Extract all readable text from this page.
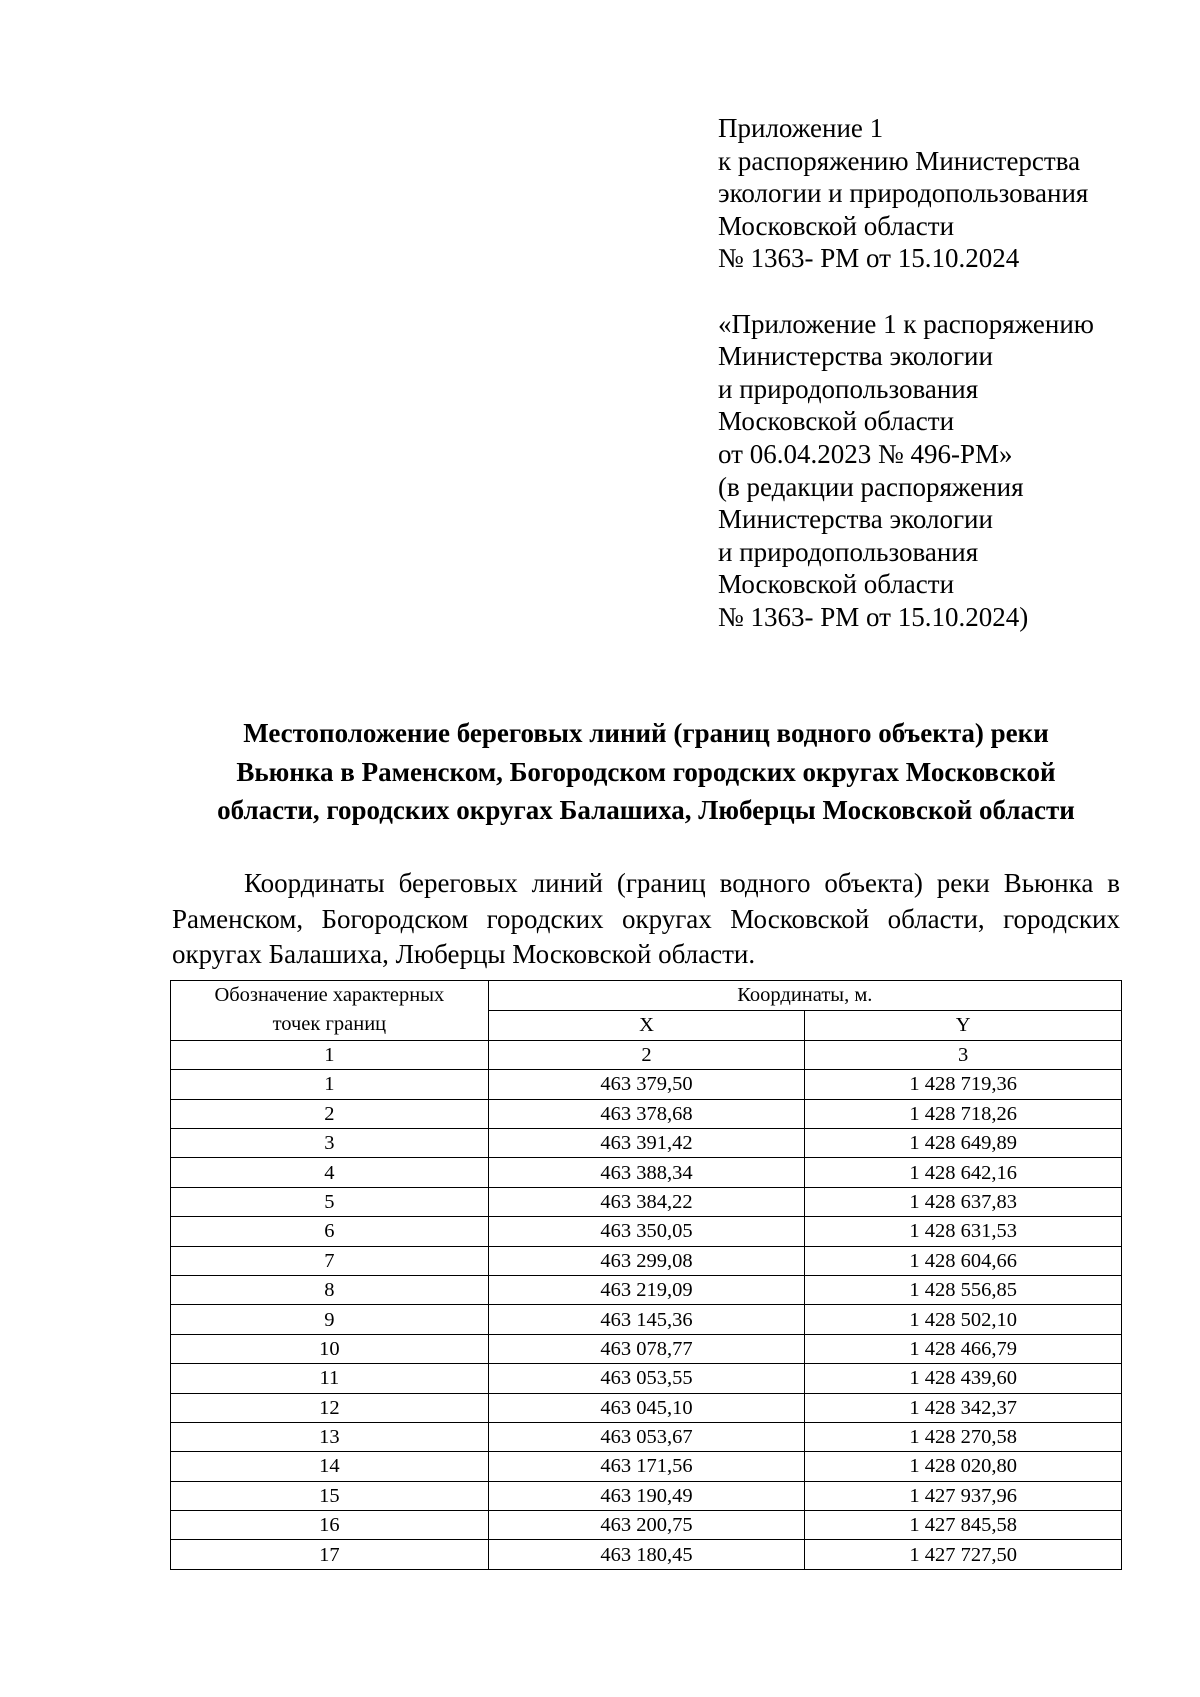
Приложение 1
к распоряжению Министерства
экологии и природопользования
Московской области
№ 1363- РМ от 15.10.2024
«Приложение 1 к распоряжению
Министерства экологии
и природопользования
Московской области
от 06.04.2023 № 496-РМ»
(в редакции распоряжения
Министерства экологии
и природопользования
Московской области
№ 1363- РМ от 15.10.2024)
Местоположение береговых линий (границ водного объекта) реки
Вьюнка в Раменском, Богородском городских округах Московской
области, городских округах Балашиха, Люберцы Московской области

Координаты береговых линий (границ водного объекта) реки Вьюнка в Раменском, Богородском городских округах Московской области, городских округах Балашиха, Люберцы Московской области.

Обозначение характерных
точек границ	Координаты, м.	
	X	Y
1	2	3
1	463 379,50	1 428 719,36
2	463 378,68	1 428 718,26
3	463 391,42	1 428 649,89
4	463 388,34	1 428 642,16
5	463 384,22	1 428 637,83
6	463 350,05	1 428 631,53
7	463 299,08	1 428 604,66
8	463 219,09	1 428 556,85
9	463 145,36	1 428 502,10
10	463 078,77	1 428 466,79
11	463 053,55	1 428 439,60
12	463 045,10	1 428 342,37
13	463 053,67	1 428 270,58
14	463 171,56	1 428 020,80
15	463 190,49	1 427 937,96
16	463 200,75	1 427 845,58
17	463 180,45	1 427 727,50
